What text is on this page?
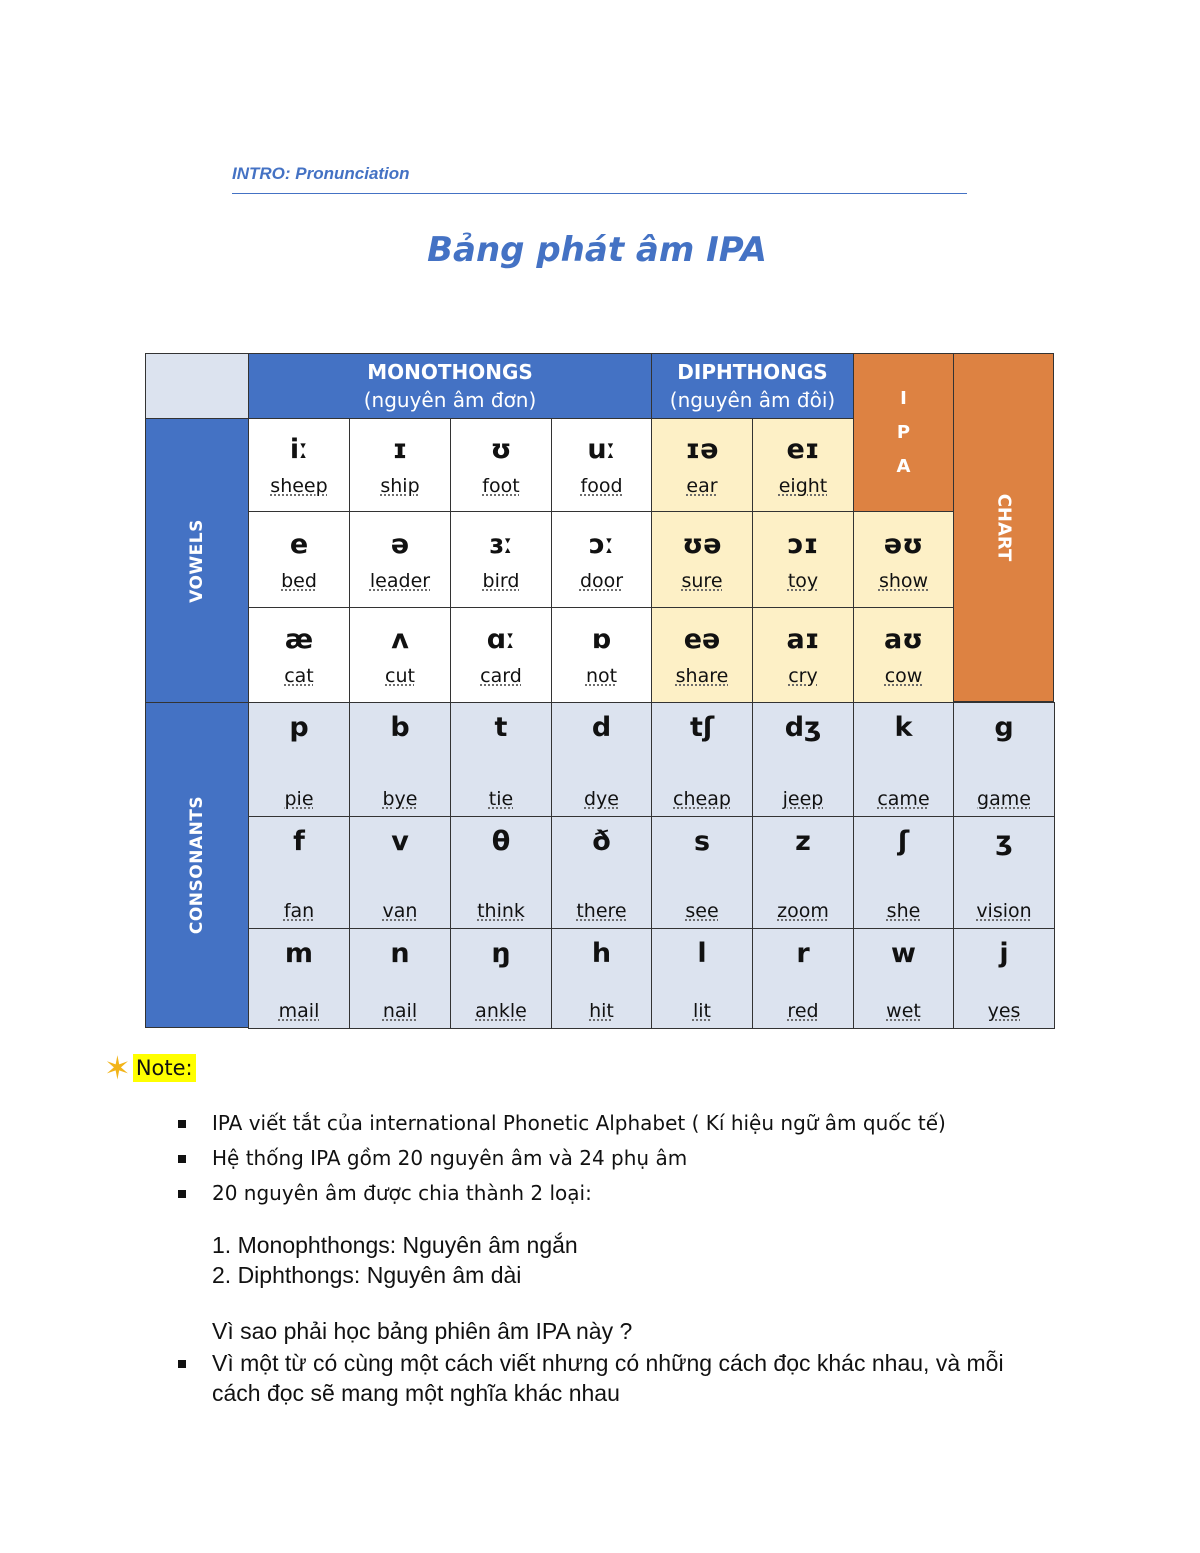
INTRO: Pronunciation
Bảng phát âm IPA
MONOTHONGS
(nguyên âm đơn)
DIPHTHONGS
(nguyên âm đôi)	I
P
A
CHART
VOWELS
CONSONANTS
iː
sheep
ɪ
ship
ʊ
foot
uː
food
ɪə
ear
eɪ
eight
e
bed
ə
leader
ɜː
bird
ɔː
door
ʊə
sure
ɔɪ
toy
əʊ
show
æ
cat
ʌ
cut
ɑː
card
ɒ
not
eə
share
aɪ
cry
aʊ
cow
p
pie
b
bye
t
tie
d
dye
tʃ
cheap
dʒ
jeep
k
came
g
game
f
fan
v
van
θ
think
ð
there
s
see
z
zoom
ʃ
she
ʒ
vision
m
mail
n
nail
ŋ
ankle
h
hit
l
lit
r
red
w
wet
j
yes
✶ Note:
IPA viết tắt của international Phonetic Alphabet ( Kí hiệu ngữ âm quốc tế)
Hệ thống IPA gồm 20 nguyên âm và 24 phụ âm
20 nguyên âm được chia thành 2 loại:
1. Monophthongs: Nguyên âm ngắn
2. Diphthongs: Nguyên âm dài
Vì sao phải học bảng phiên âm IPA này ?
Vì một từ có cùng một cách viết nhưng có những cách đọc khác nhau, và mỗi cách đọc sẽ mang một nghĩa khác nhau
